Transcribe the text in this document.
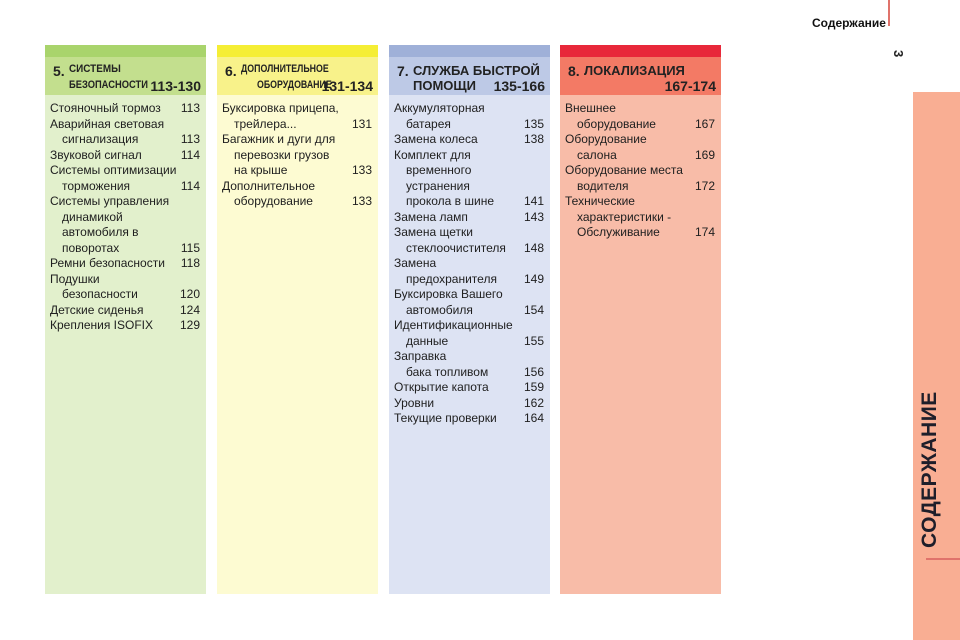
Содержание
3
СОДЕРЖАНИЕ
5. СИСТЕМЫ
БЕЗОПАСНОСТИ 113-130
Стояночный тормоз	113
Аварийная световая
сигнализация	113
Звуковой сигнал	114
Системы оптимизации
торможения	114
Системы управления
динамикой автомобиля в поворотах	115
Ремни безопасности	118
Подушки
безопасности	120
Детские сиденья	124
Крепления ISOFIX	129
6. ДОПОЛНИТЕЛЬНОЕ
ОБОРУДОВАНИЕ
131-134
Буксировка прицепа,
трейлера...	131
Багажник и дуги для
перевозки грузов на крыше	133
Дополнительное
оборудование	133
7. СЛУЖБА БЫСТРОЙ
ПОМОЩИ 135-166
Аккумуляторная
батарея	135
Замена колеса	138
Комплект для
временного устранения прокола в шине	141
Замена ламп	143
Замена щетки
стеклоочистителя	148
Замена
предохранителя	149
Буксировка Вашего
автомобиля	154
Идентификационные
данные	155
Заправка
бака топливом	156
Открытие капота	159
Уровни	162
Текущие проверки	164
8. ЛОКАЛИЗАЦИЯ
167-174
Внешнее
оборудование	167
Оборудование
салона	169
Оборудование места
водителя	172
Технические
характеристики - Обслуживание	174
